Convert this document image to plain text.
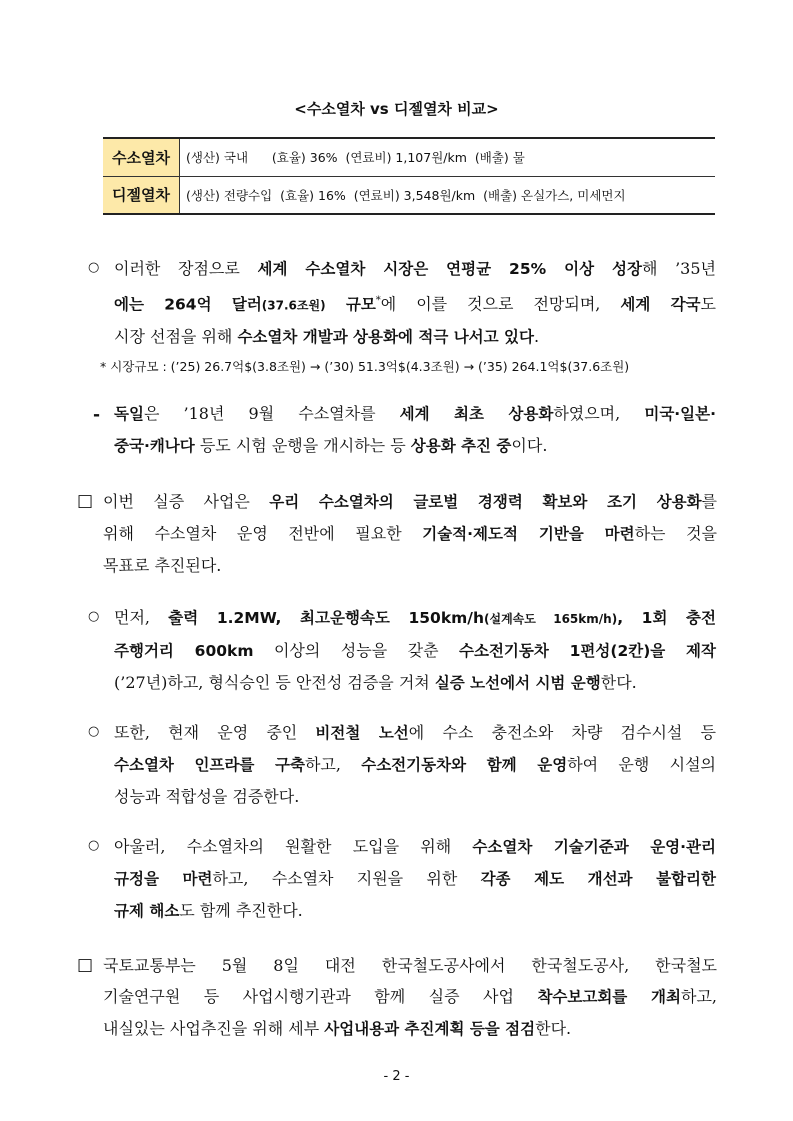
<수소열차 vs 디젤열차 비교>
수소열차	(생산) 국내      (효율) 36%  (연료비) 1,107원/km  (배출) 물
디젤열차	(생산) 전량수입  (효율) 16%  (연료비) 3,548원/km  (배출) 온실가스, 미세먼지
○ 이러한 장점으로 세계 수소열차 시장은 연평균 25% 이상 성장해 ’35년
에는 264억 달러(37.6조원) 규모*에 이를 것으로 전망되며, 세계 각국도
시장 선점을 위해 수소열차 개발과 상용화에 적극 나서고 있다.
* 시장규모 : (’25) 26.7억$(3.8조원) → (’30) 51.3억$(4.3조원) → (’35) 264.1억$(37.6조원)
- 독일은 ’18년 9월 수소열차를 세계 최초 상용화하였으며, 미국·일본·
중국·캐나다 등도 시험 운행을 개시하는 등 상용화 추진 중이다.
□ 이번 실증 사업은 우리 수소열차의 글로벌 경쟁력 확보와 조기 상용화를
위해 수소열차 운영 전반에 필요한 기술적·제도적 기반을 마련하는 것을
목표로 추진된다.
○ 먼저, 출력 1.2MW, 최고운행속도 150km/h(설계속도 165km/h), 1회 충전
주행거리 600km 이상의 성능을 갖춘 수소전기동차 1편성(2칸)을 제작
(’27년)하고, 형식승인 등 안전성 검증을 거쳐 실증 노선에서 시범 운행한다.
○ 또한, 현재 운영 중인 비전철 노선에 수소 충전소와 차량 검수시설 등
수소열차 인프라를 구축하고, 수소전기동차와 함께 운영하여 운행 시설의
성능과 적합성을 검증한다.
○ 아울러, 수소열차의 원활한 도입을 위해 수소열차 기술기준과 운영·관리
규정을 마련하고, 수소열차 지원을 위한 각종 제도 개선과 불합리한
규제 해소도 함께 추진한다.
□ 국토교통부는 5월 8일 대전 한국철도공사에서 한국철도공사, 한국철도
기술연구원 등 사업시행기관과 함께 실증 사업 착수보고회를 개최하고,
내실있는 사업추진을 위해 세부 사업내용과 추진계획 등을 점검한다.
- 2 -
